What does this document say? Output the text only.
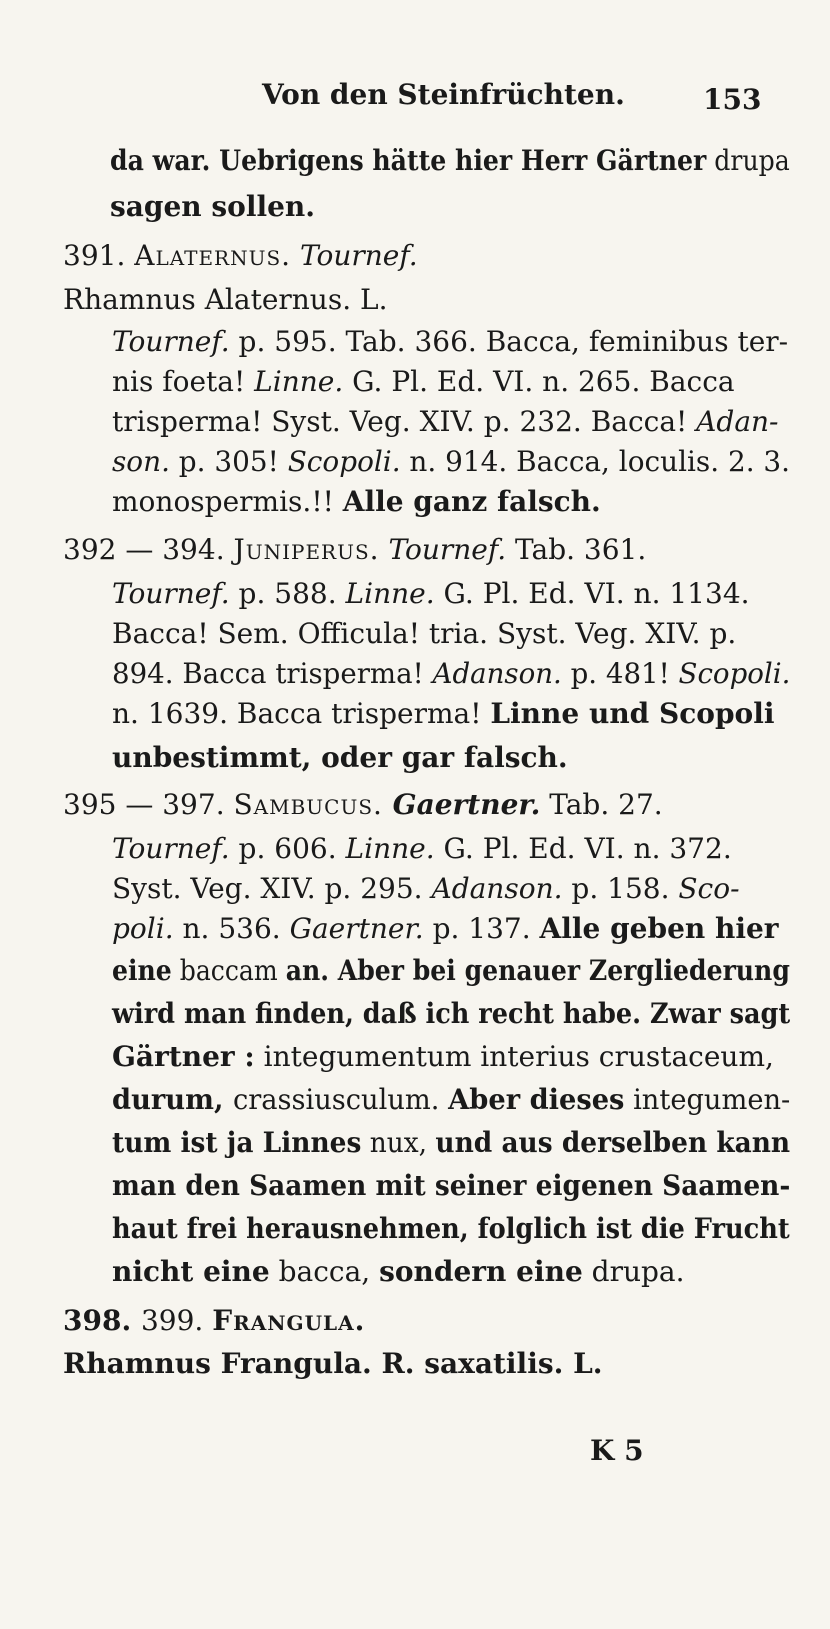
Von den Steinfrüchten.	153
da war. Uebrigens hätte hier Herr Gärtner drupa
sagen sollen.
391. Alaternus. Tournef.
Rhamnus Alaternus. L.
Tournef. p. 595. Tab. 366. Bacca, feminibus ter-
nis foeta! Linne. G. Pl. Ed. VI. n. 265. Bacca
trisperma! Syst. Veg. XIV. p. 232. Bacca! Adan-
son. p. 305! Scopoli. n. 914. Bacca, loculis. 2. 3.
monospermis.!! Alle ganz falsch.
392 — 394. Juniperus. Tournef. Tab. 361.
Tournef. p. 588. Linne. G. Pl. Ed. VI. n. 1134.
Bacca! Sem. Officula! tria. Syst. Veg. XIV. p.
894. Bacca trisperma! Adanson. p. 481! Scopoli.
n. 1639. Bacca trisperma! Linne und Scopoli
unbestimmt, oder gar falsch.
395 — 397. Sambucus. Gaertner. Tab. 27.
Tournef. p. 606. Linne. G. Pl. Ed. VI. n. 372.
Syst. Veg. XIV. p. 295. Adanson. p. 158. Sco-
poli. n. 536. Gaertner. p. 137. Alle geben hier
eine baccam an. Aber bei genauer Zergliederung
wird man finden, daß ich recht habe. Zwar sagt
Gärtner : integumentum interius crustaceum,
durum, crassiusculum. Aber dieses integumen-
tum ist ja Linnes nux, und aus derselben kann
man den Saamen mit seiner eigenen Saamen-
haut frei herausnehmen, folglich ist die Frucht
nicht eine bacca, sondern eine drupa.
398. 399. Frangula.
Rhamnus Frangula. R. saxatilis. L.
K 5
